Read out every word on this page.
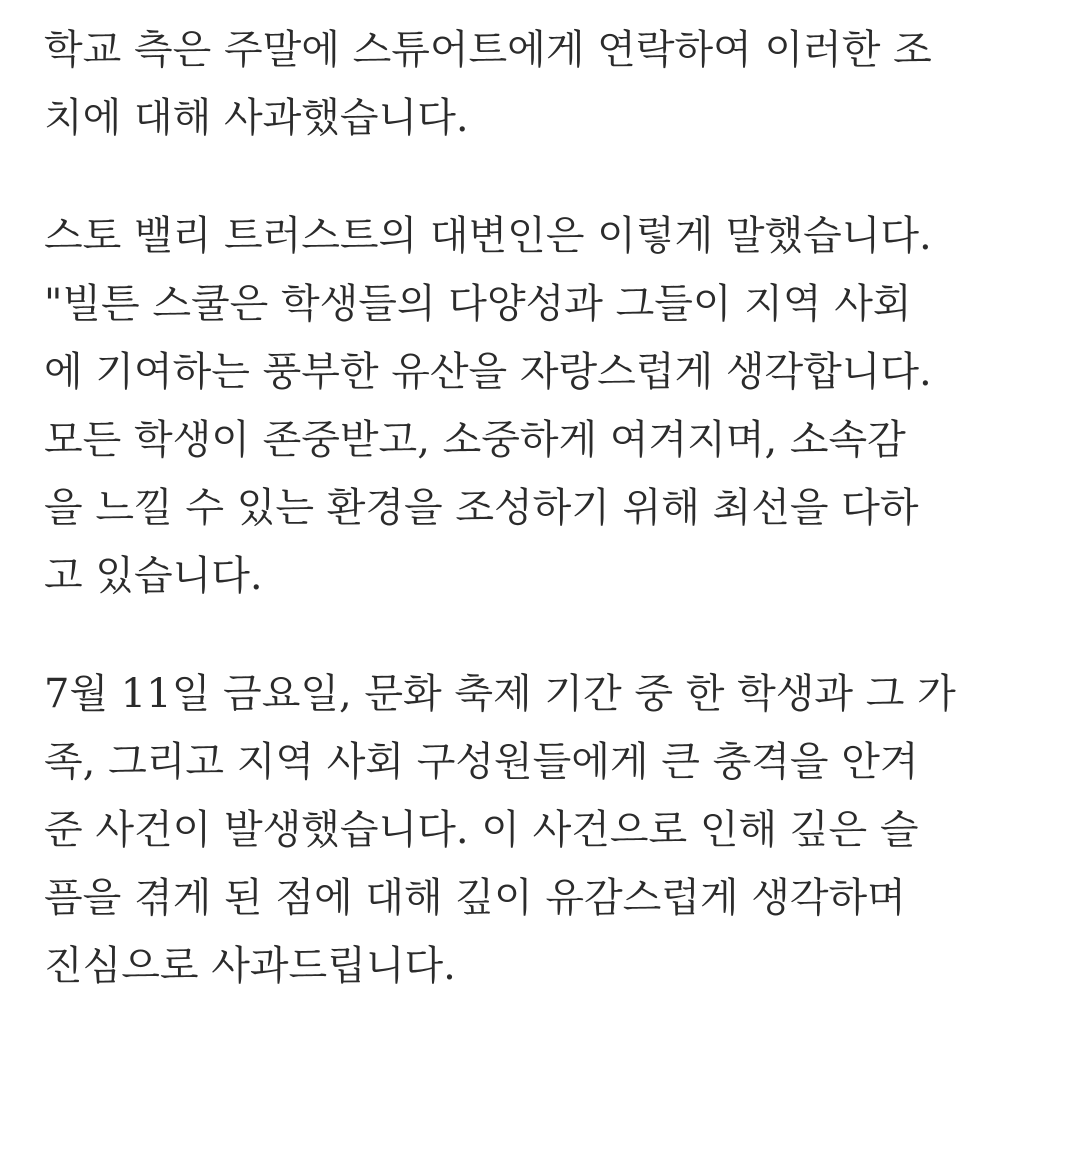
학교 측은 주말에 스튜어트에게 연락하여 이러한 조
치에 대해 사과했습니다.
스토 밸리 트러스트의 대변인은 이렇게 말했습니다.
"빌튼 스쿨은 학생들의 다양성과 그들이 지역 사회
에 기여하는 풍부한 유산을 자랑스럽게 생각합니다.
모든 학생이 존중받고, 소중하게 여겨지며, 소속감
을 느낄 수 있는 환경을 조성하기 위해 최선을 다하
고 있습니다.
7월 11일 금요일, 문화 축제 기간 중 한 학생과 그 가
족, 그리고 지역 사회 구성원들에게 큰 충격을 안겨
준 사건이 발생했습니다. 이 사건으로 인해 깊은 슬
픔을 겪게 된 점에 대해 깊이 유감스럽게 생각하며
진심으로 사과드립니다.
